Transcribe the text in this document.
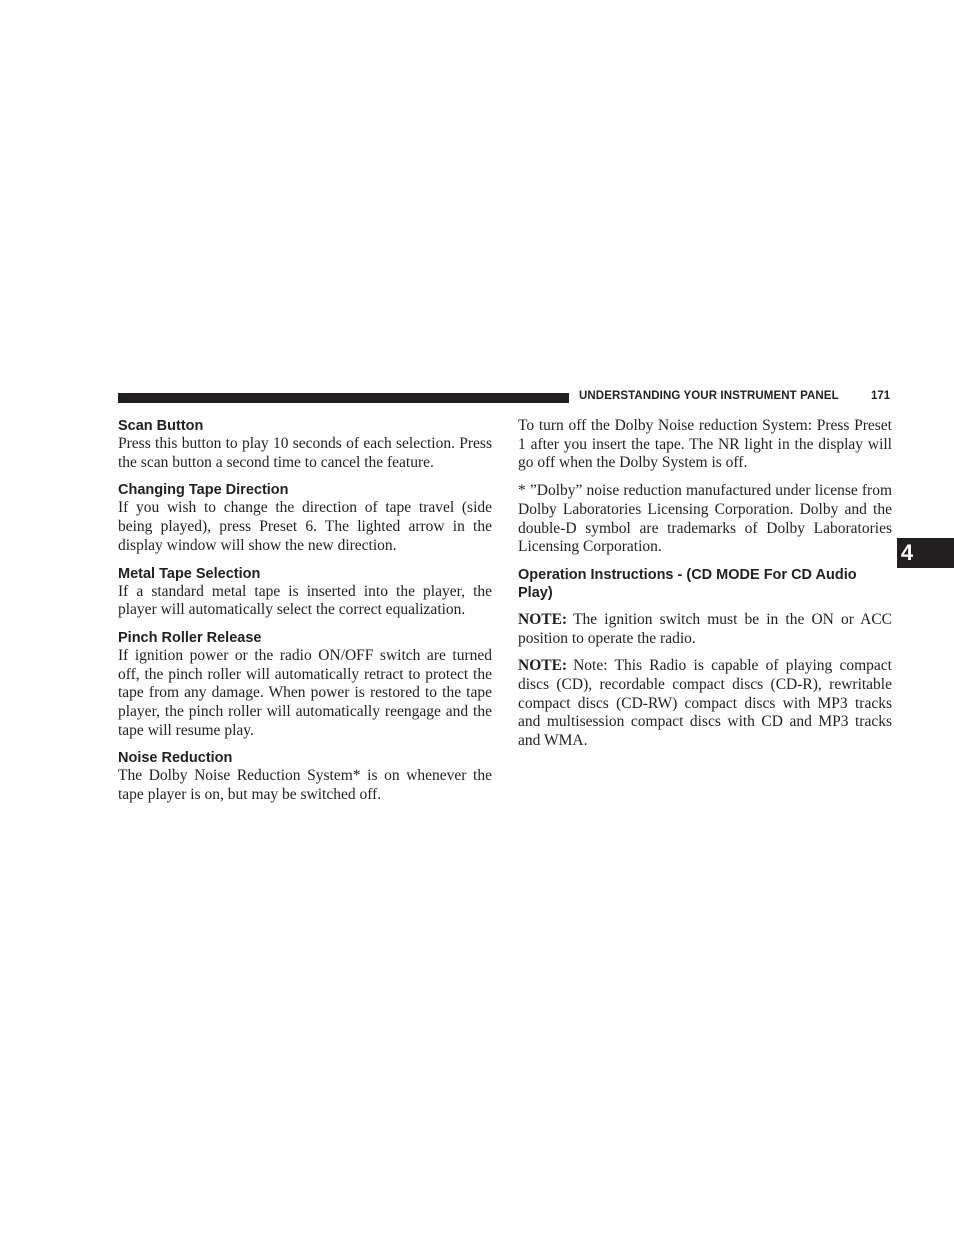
UNDERSTANDING YOUR INSTRUMENT PANEL	171
4
Scan Button

Press this button to play 10 seconds of each selection. Press the scan button a second time to cancel the feature.

Changing Tape Direction

If you wish to change the direction of tape travel (side being played), press Preset 6. The lighted arrow in the display window will show the new direction.

Metal Tape Selection

If a standard metal tape is inserted into the player, the player will automatically select the correct equalization.

Pinch Roller Release

If ignition power or the radio ON/OFF switch are turned off, the pinch roller will automatically retract to protect the tape from any damage. When power is restored to the tape player, the pinch roller will automatically reengage and the tape will resume play.

Noise Reduction

The Dolby Noise Reduction System* is on whenever the tape player is on, but may be switched off.

To turn off the Dolby Noise reduction System: Press Preset 1 after you insert the tape. The NR light in the display will go off when the Dolby System is off.

* ”Dolby” noise reduction manufactured under license from Dolby Laboratories Licensing Corporation. Dolby and the double-D symbol are trademarks of Dolby Laboratories Licensing Corporation.

Operation Instructions - (CD MODE For CD Audio Play)

NOTE: The ignition switch must be in the ON or ACC position to operate the radio.

NOTE: Note: This Radio is capable of playing compact discs (CD), recordable compact discs (CD-R), rewritable compact discs (CD-RW) compact discs with MP3 tracks and multisession compact discs with CD and MP3 tracks and WMA.
